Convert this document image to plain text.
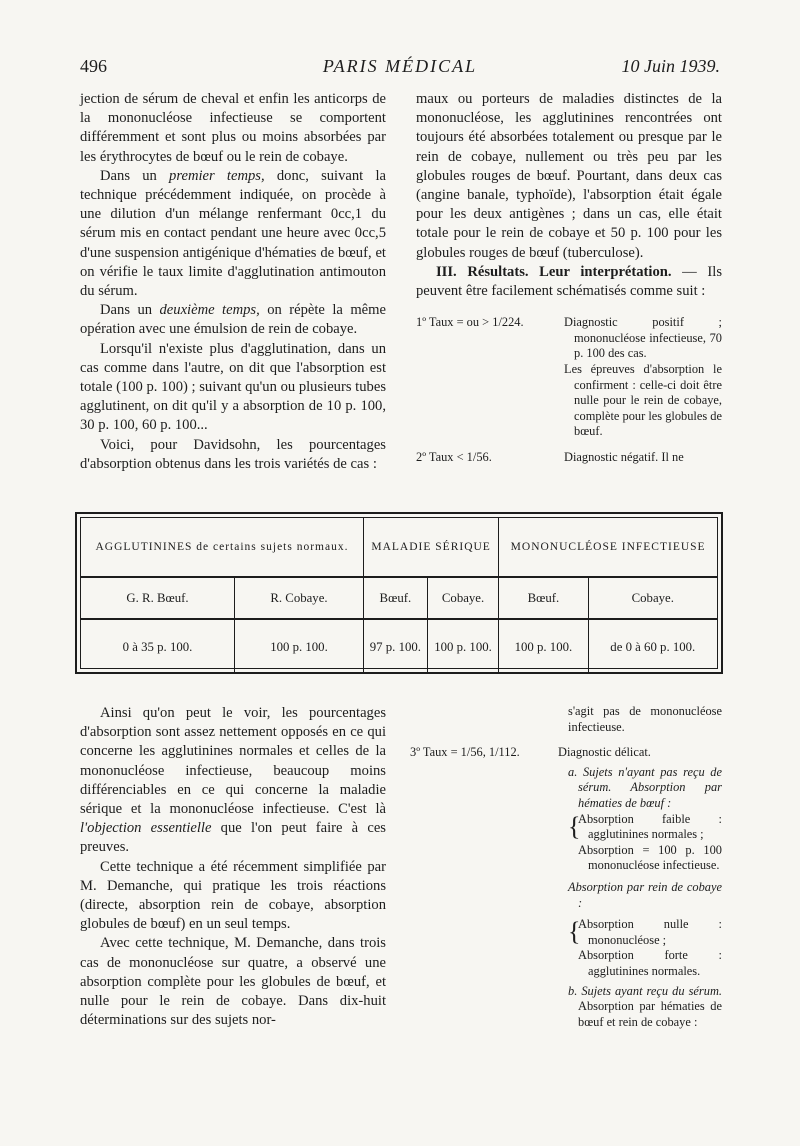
496	PARIS MÉDICAL	10 Juin 1939.

jection de sérum de cheval et enfin les anticorps de la mononucléose infectieuse se comportent différemment et sont plus ou moins absorbées par les érythrocytes de bœuf ou le rein de cobaye.

Dans un premier temps, donc, suivant la technique précédemment indiquée, on procède à une dilution d'un mélange renfermant 0cc,1 du sérum mis en contact pendant une heure avec 0cc,5 d'une suspension antigénique d'hématies de bœuf, et on vérifie le taux limite d'agglutination antimouton du sérum.

Dans un deuxième temps, on répète la même opération avec une émulsion de rein de cobaye.

Lorsqu'il n'existe plus d'agglutination, dans un cas comme dans l'autre, on dit que l'absorption est totale (100 p. 100) ; suivant qu'un ou plusieurs tubes agglutinent, on dit qu'il y a absorption de 10 p. 100, 30 p. 100, 60 p. 100...

Voici, pour Davidsohn, les pourcentages d'absorption obtenus dans les trois variétés de cas :

maux ou porteurs de maladies distinctes de la mononucléose, les agglutinines rencontrées ont toujours été absorbées totalement ou presque par le rein de cobaye, nullement ou très peu par les globules rouges de bœuf. Pourtant, dans deux cas (angine banale, typhoïde), l'absorption était égale pour les deux antigènes ; dans un cas, elle était totale pour le rein de cobaye et 50 p. 100 pour les globules rouges de bœuf (tuberculose).

III. Résultats. Leur interprétation. — Ils peuvent être facilement schématisés comme suit :

1º Taux = ou > 1/224.	Diagnostic positif ; mononucléose infectieuse, 70 p. 100 des cas.

Les épreuves d'absorption le confirment : celle-ci doit être nulle pour le rein de cobaye, complète pour les globules de bœuf.

2º Taux < 1/56.	Diagnostic négatif. Il ne
AGGLUTININES de certains sujets normaux.		MALADIE SÉRIQUE		MONONUCLÉOSE INFECTIEUSE	
G. R. Bœuf.	R. Cobaye.	Bœuf.	Cobaye.	Bœuf.	Cobaye.
0 à 35 p. 100.	100 p. 100.	97 p. 100.	100 p. 100.	100 p. 100.	de 0 à 60 p. 100.

Ainsi qu'on peut le voir, les pourcentages d'absorption sont assez nettement opposés en ce qui concerne les agglutinines normales et celles de la mononucléose infectieuse, beaucoup moins différenciables en ce qui concerne la maladie sérique et la mononucléose infectieuse. C'est là l'objection essentielle que l'on peut faire à ces preuves.

Cette technique a été récemment simplifiée par M. Demanche, qui pratique les trois réactions (directe, absorption rein de cobaye, absorption globules de bœuf) en un seul temps.

Avec cette technique, M. Demanche, dans trois cas de mononucléose sur quatre, a observé une absorption complète pour les globules de bœuf, et nulle pour le rein de cobaye. Dans dix-huit déterminations sur des sujets nor-

s'agit pas de mononucléose infectieuse.
3º Taux = 1/56, 1/112.	Diagnostic délicat.

a. Sujets n'ayant pas reçu de sérum. Absorption par hématies de bœuf :

{

Absorption faible : agglutinines normales ;

Absorption = 100 p. 100 mononucléose infectieuse.

Absorption par rein de cobaye :

{

Absorption nulle : mononucléose ;

Absorption forte : agglutinines normales.

b. Sujets ayant reçu du sérum. Absorption par hématies de bœuf et rein de cobaye :
